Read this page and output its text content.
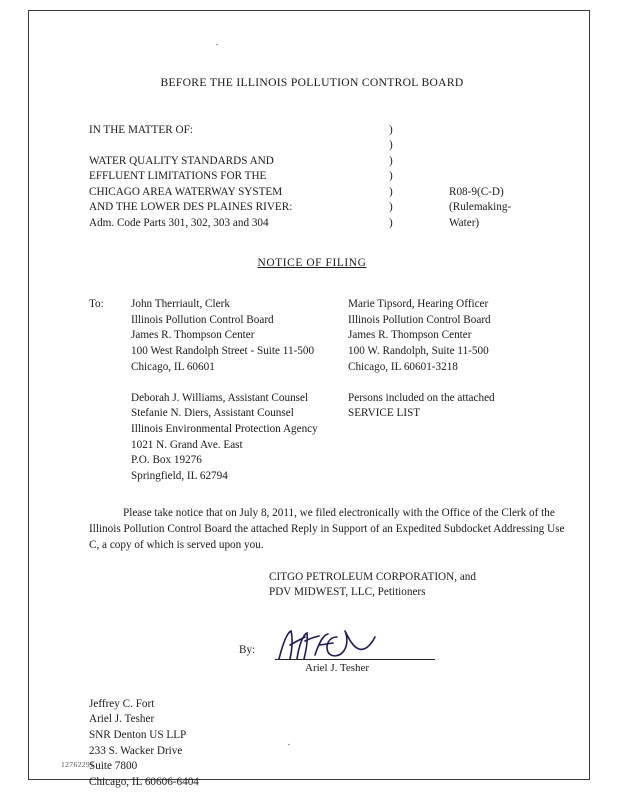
·
·
BEFORE THE ILLINOIS POLLUTION CONTROL BOARD
IN THE MATTER OF:	)
)
WATER QUALITY STANDARDS AND	)
EFFLUENT LIMITATIONS FOR THE	)
CHICAGO AREA WATERWAY SYSTEM	)	R08-9(C-D)
AND THE LOWER DES PLAINES RIVER:	)	(Rulemaking-
Adm. Code Parts 301, 302, 303 and 304	)	Water)
NOTICE OF FILING
To: John Therriault, Clerk

Illinois Pollution Control Board

James R. Thompson Center

100 West Randolph Street - Suite 11-500

Chicago, IL 60601

Deborah J. Williams, Assistant Counsel

Stefanie N. Diers, Assistant Counsel

Illinois Environmental Protection Agency

1021 N. Grand Ave. East

P.O. Box 19276

Springfield, IL 62794

Marie Tipsord, Hearing Officer

Illinois Pollution Control Board

James R. Thompson Center

100 W. Randolph, Suite 11-500

Chicago, IL 60601-3218

Persons included on the attached

SERVICE LIST

Please take notice that on July 8, 2011, we filed electronically with the Office of the Clerk of the Illinois Pollution Control Board the attached Reply in Support of an Expedited Subdocket Addressing Use C, a copy of which is served upon you.

CITGO PETROLEUM CORPORATION, and

PDV MIDWEST, LLC, Petitioners

By:
Ariel J. Tesher

Jeffrey C. Fort

Ariel J. Tesher

SNR Denton US LLP

233 S. Wacker Drive

Suite 7800

Chicago, IL 60606-6404

12762291
